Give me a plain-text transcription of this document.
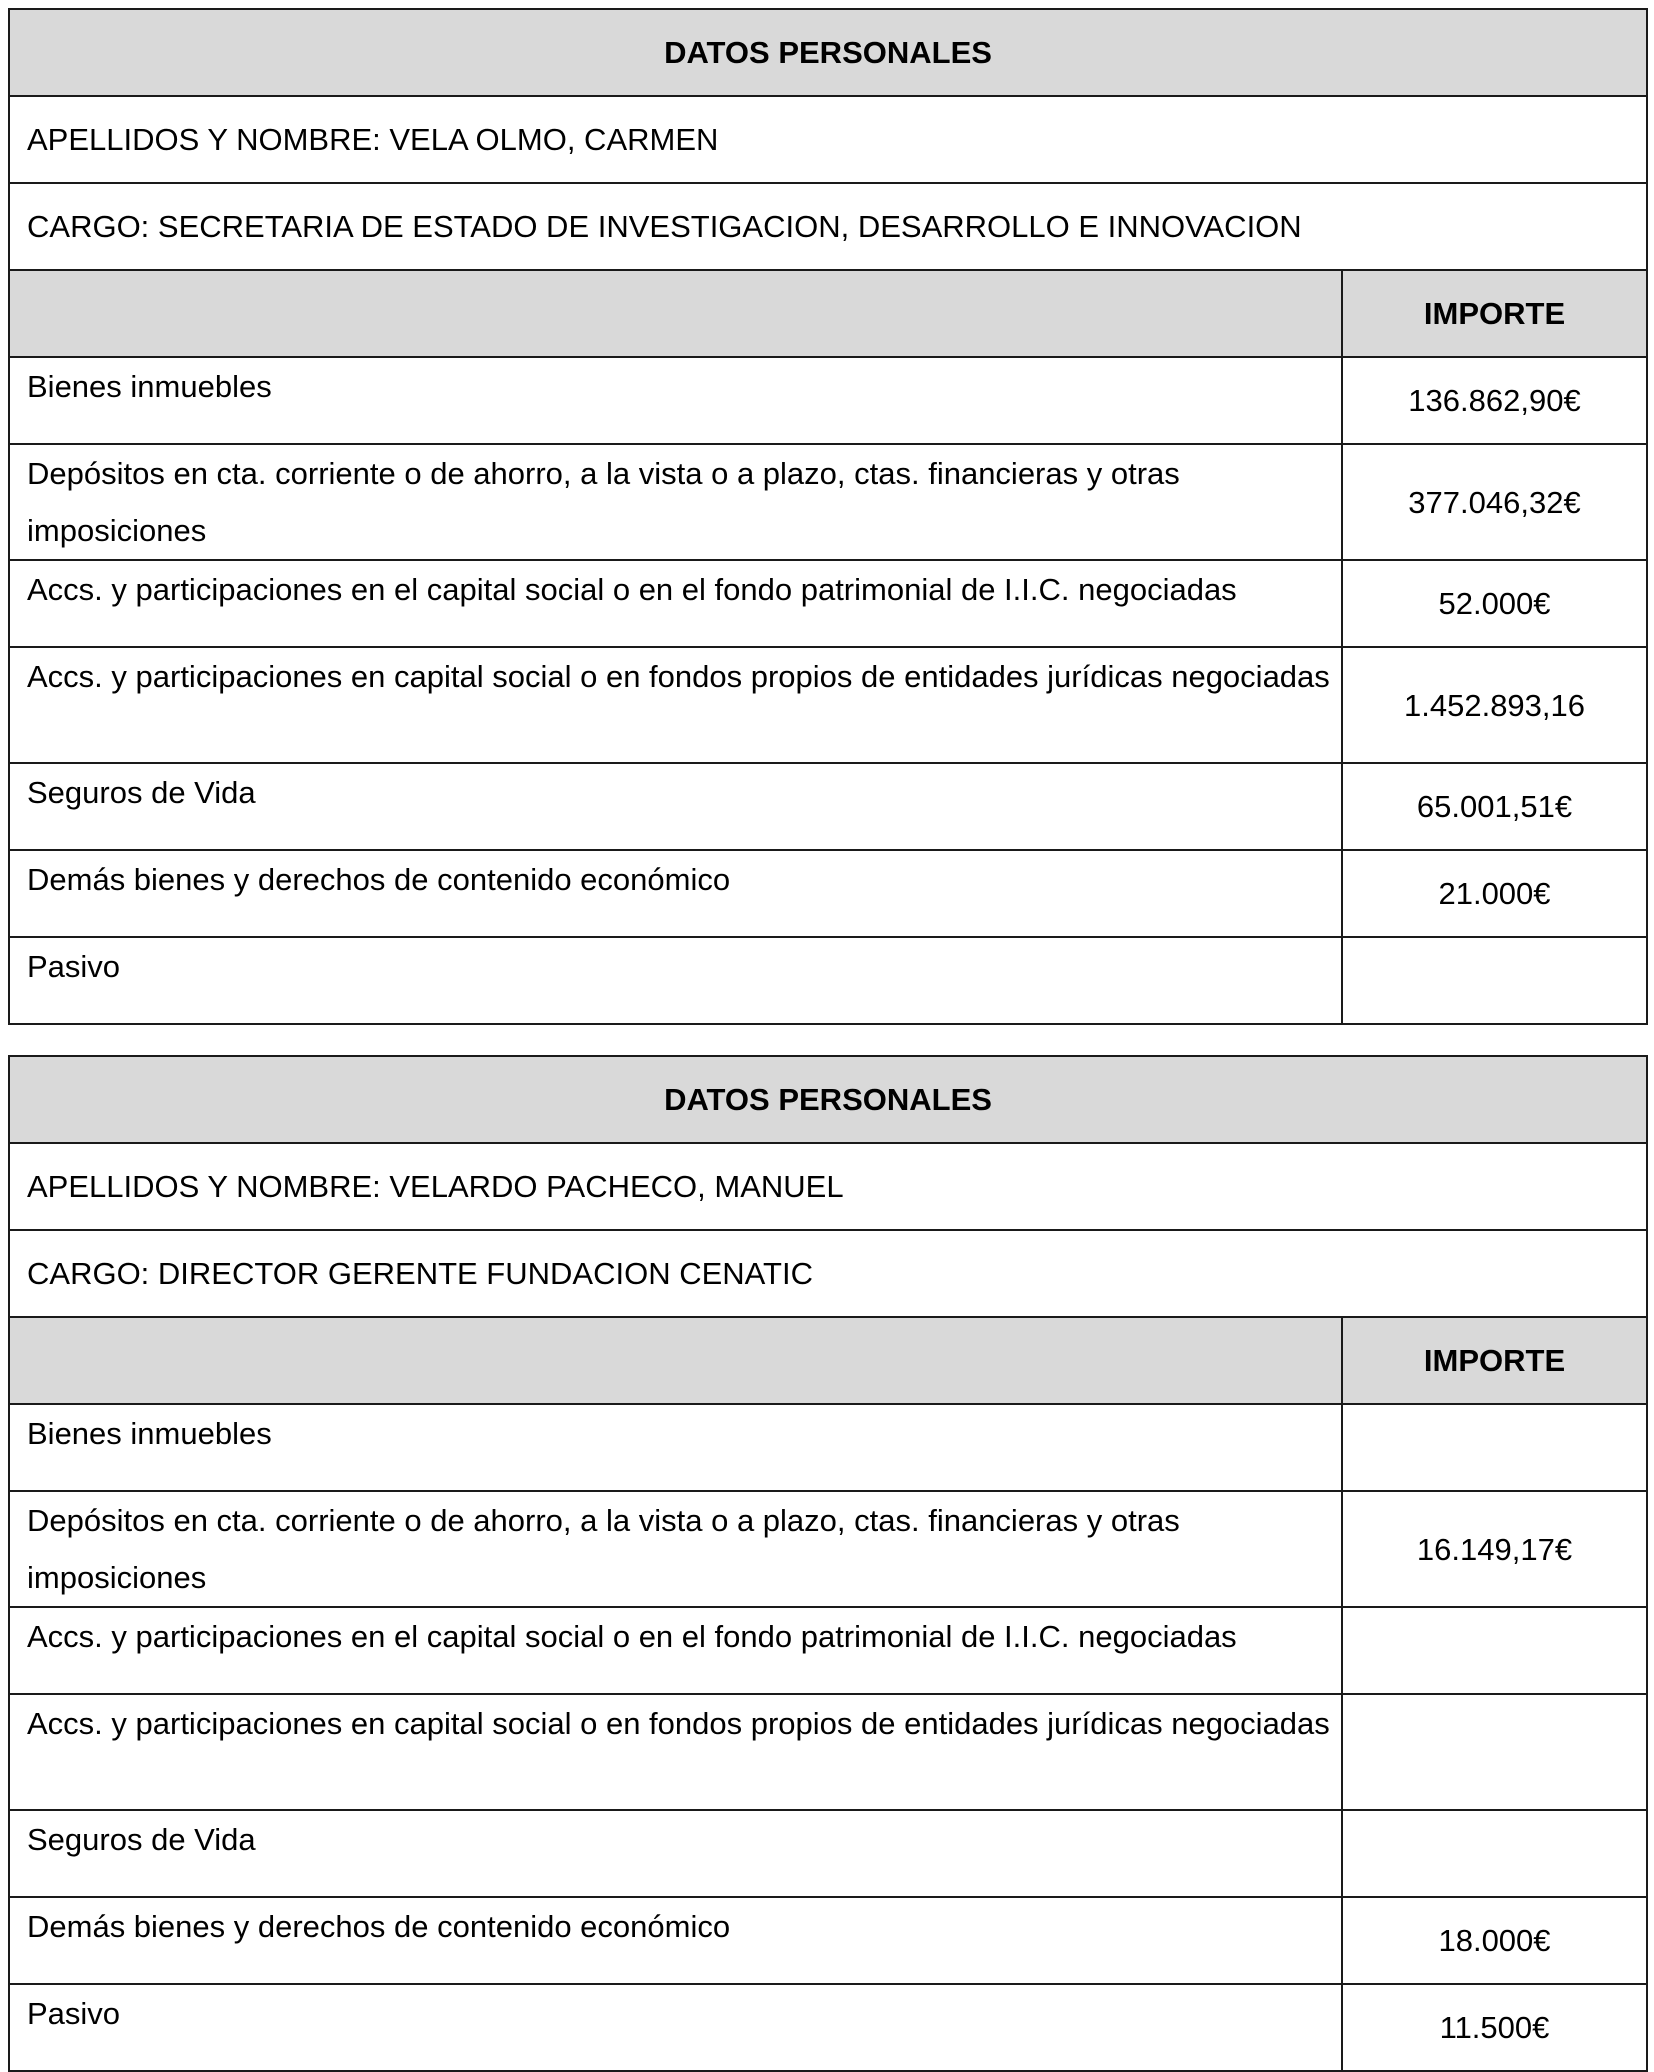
DATOS PERSONALES	
APELLIDOS Y NOMBRE: VELA OLMO, CARMEN	
CARGO: SECRETARIA DE ESTADO DE INVESTIGACION, DESARROLLO E INNOVACION	
	IMPORTE
Bienes inmuebles	136.862,90€
Depósitos en cta. corriente o de ahorro, a la vista o a plazo, ctas. financieras y otras imposiciones	377.046,32€
Accs. y participaciones en el capital social o en el fondo patrimonial de I.I.C. negociadas	52.000€
Accs. y participaciones en capital social o en fondos propios de entidades jurídicas negociadas	1.452.893,16
Seguros de Vida	65.001,51€
Demás bienes y derechos de contenido económico	21.000€
Pasivo	
DATOS PERSONALES	
APELLIDOS Y NOMBRE: VELARDO PACHECO, MANUEL	
CARGO: DIRECTOR GERENTE FUNDACION CENATIC	
	IMPORTE
Bienes inmuebles	
Depósitos en cta. corriente o de ahorro, a la vista o a plazo, ctas. financieras y otras imposiciones	16.149,17€
Accs. y participaciones en el capital social o en el fondo patrimonial de I.I.C. negociadas	
Accs. y participaciones en capital social o en fondos propios de entidades jurídicas negociadas	
Seguros de Vida	
Demás bienes y derechos de contenido económico	18.000€
Pasivo	11.500€
